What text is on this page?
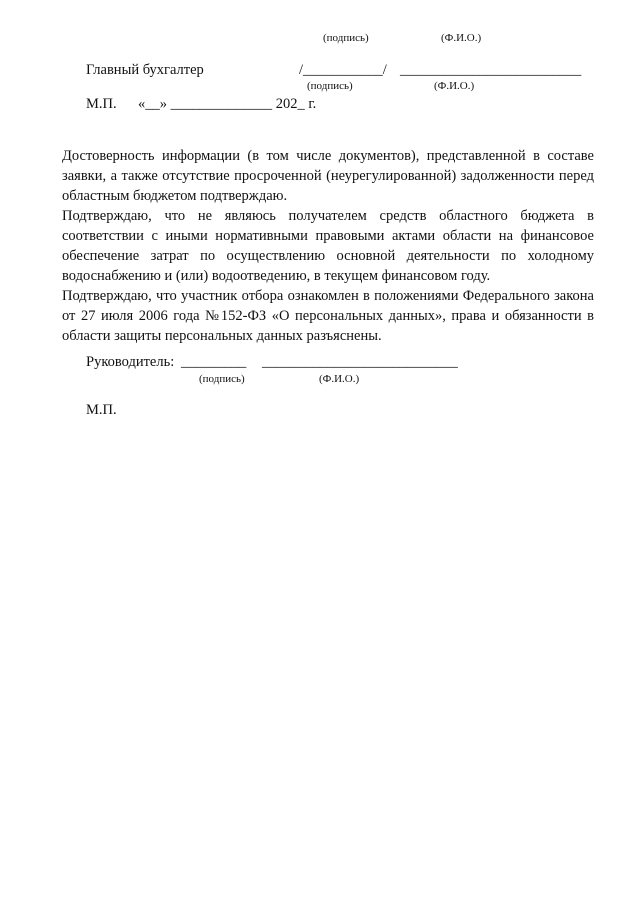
(подпись)	(Ф.И.О.)
Главный бухгалтер	/___________/ _________________________
(подпись)	(Ф.И.О.)
М.П. «__» ______________ 202_ г.

Достоверность информации (в том числе документов), представленной в составе заявки, а также отсутствие просроченной (неурегулированной) задолженности перед областным бюджетом подтверждаю.

Подтверждаю, что не являюсь получателем средств областного бюджета в соответствии с иными нормативными правовыми актами области на финансовое обеспечение затрат по осуществлению основной деятельности по холодному водоснабжению и (или) водоотведению, в текущем финансовом году.

Подтверждаю, что участник отбора ознакомлен в положениями Федерального закона от 27 июля 2006 года №152-ФЗ «О персональных данных», права и обязанности в области защиты персональных данных разъяснены.

Руководитель: _________ ___________________________
(подпись)	(Ф.И.О.)
М.П.
